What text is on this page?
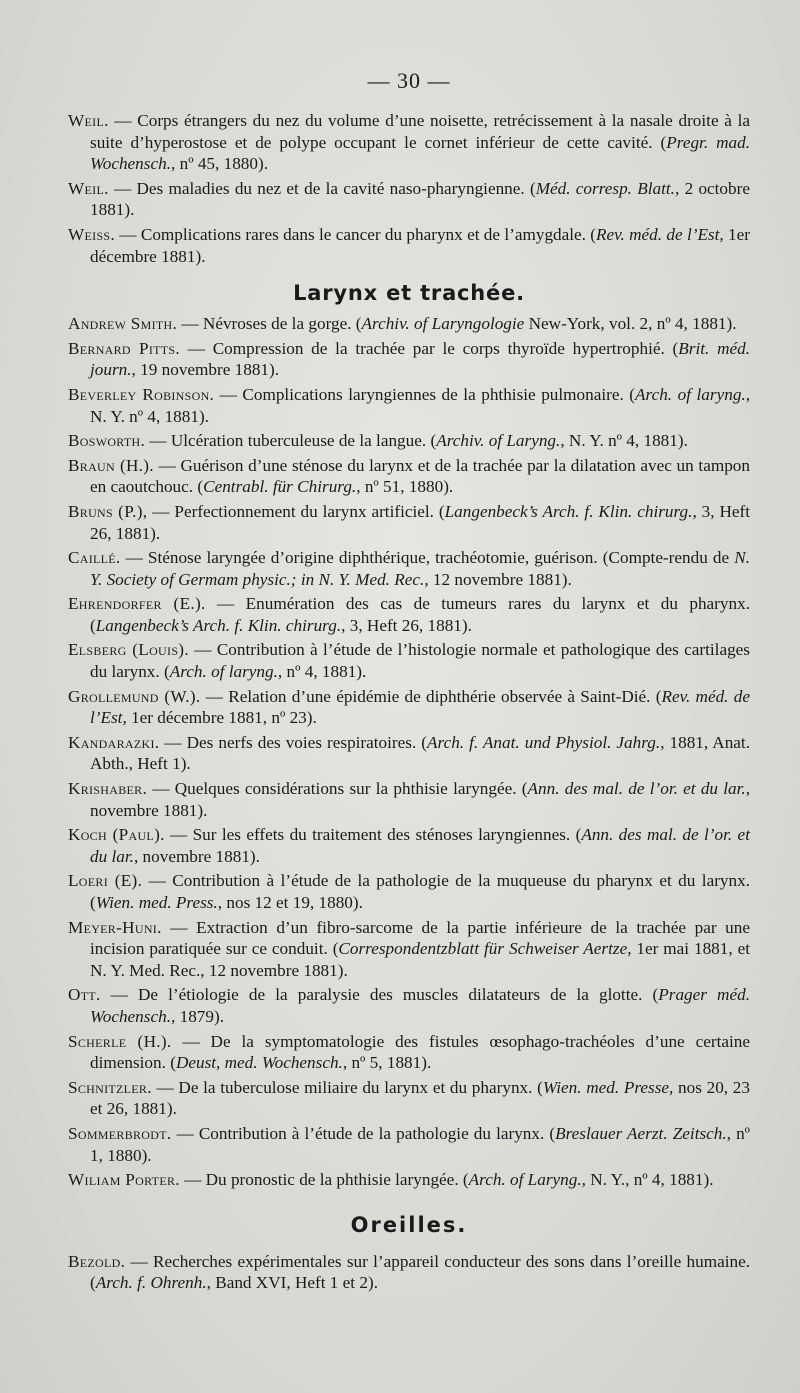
— 30 —

Weil. — Corps étrangers du nez du volume d’une noisette, retrécissement à la nasale droite à la suite d’hyperostose et de polype occupant le cornet inférieur de cette cavité. (Pregr. mad. Wochensch., nº 45, 1880).

Weil. — Des maladies du nez et de la cavité naso-pharyngienne. (Méd. corresp. Blatt., 2 octobre 1881).

Weiss. — Complications rares dans le cancer du pharynx et de l’amygdale. (Rev. méd. de l’Est, 1er décembre 1881).

Larynx et trachée.

Andrew Smith. — Névroses de la gorge. (Archiv. of Laryngologie New-York, vol. 2, nº 4, 1881).

Bernard Pitts. — Compression de la trachée par le corps thyroïde hypertrophié. (Brit. méd. journ., 19 novembre 1881).

Beverley Robinson. — Complications laryngiennes de la phthisie pulmonaire. (Arch. of laryng., N. Y. nº 4, 1881).

Bosworth. — Ulcération tuberculeuse de la langue. (Archiv. of Laryng., N. Y. nº 4, 1881).

Braun (H.). — Guérison d’une sténose du larynx et de la trachée par la dilatation avec un tampon en caoutchouc. (Centrabl. für Chirurg., nº 51, 1880).

Bruns (P.), — Perfectionnement du larynx artificiel. (Langenbeck’s Arch. f. Klin. chirurg., 3, Heft 26, 1881).

Caillé. — Sténose laryngée d’origine diphthérique, trachéotomie, guérison. (Compte-rendu de N. Y. Society of Germam physic.; in N. Y. Med. Rec., 12 novembre 1881).

Ehrendorfer (E.). — Enumération des cas de tumeurs rares du larynx et du pharynx. (Langenbeck’s Arch. f. Klin. chirurg., 3, Heft 26, 1881).

Elsberg (Louis). — Contribution à l’étude de l’histologie normale et pathologique des cartilages du larynx. (Arch. of laryng., nº 4, 1881).

Grollemund (W.). — Relation d’une épidémie de diphthérie observée à Saint-Dié. (Rev. méd. de l’Est, 1er décembre 1881, nº 23).

Kandarazki. — Des nerfs des voies respiratoires. (Arch. f. Anat. und Physiol. Jahrg., 1881, Anat. Abth., Heft 1).

Krishaber. — Quelques considérations sur la phthisie laryngée. (Ann. des mal. de l’or. et du lar., novembre 1881).

Koch (Paul). — Sur les effets du traitement des sténoses laryngiennes. (Ann. des mal. de l’or. et du lar., novembre 1881).

Loeri (E). — Contribution à l’étude de la pathologie de la muqueuse du pharynx et du larynx. (Wien. med. Press., nos 12 et 19, 1880).

Meyer-Huni. — Extraction d’un fibro-sarcome de la partie inférieure de la trachée par une incision paratiquée sur ce conduit. (Correspondentzblatt für Schweiser Aertze, 1er mai 1881, et N. Y. Med. Rec., 12 novembre 1881).

Ott. — De l’étiologie de la paralysie des muscles dilatateurs de la glotte. (Prager méd. Wochensch., 1879).

Scherle (H.). — De la symptomatologie des fistules œsophago-trachéoles d’une certaine dimension. (Deust, med. Wochensch., nº 5, 1881).

Schnitzler. — De la tuberculose miliaire du larynx et du pharynx. (Wien. med. Presse, nos 20, 23 et 26, 1881).

Sommerbrodt. — Contribution à l’étude de la pathologie du larynx. (Breslauer Aerzt. Zeitsch., nº 1, 1880).

Wiliam Porter. — Du pronostic de la phthisie laryngée. (Arch. of Laryng., N. Y., nº 4, 1881).

Oreilles.

Bezold. — Recherches expérimentales sur l’appareil conducteur des sons dans l’oreille humaine. (Arch. f. Ohrenh., Band XVI, Heft 1 et 2).
